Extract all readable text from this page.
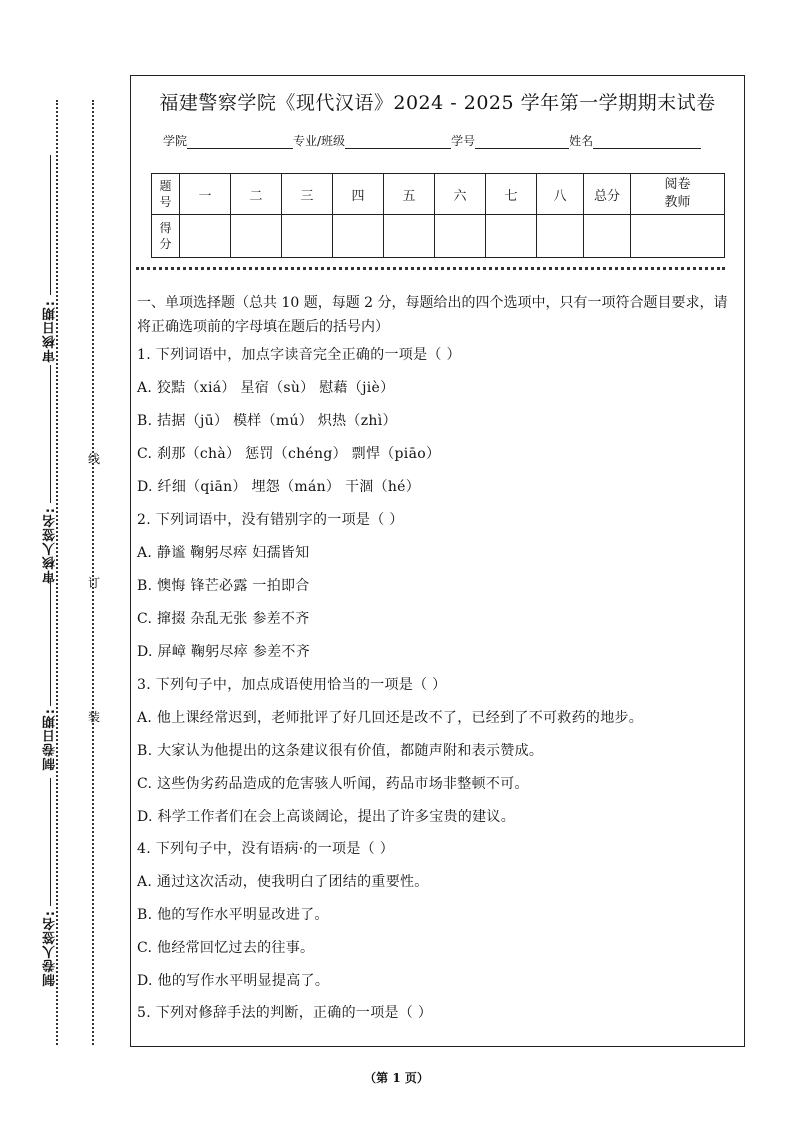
审核日期:
审核人签名:
制卷日期:
制卷人签名:
线
订
装
福建警察学院《现代汉语》2024 - 2025 学年第一学期期末试卷
学院	专业/班级	学号	姓名
题号	一	二	三	四	五	六	七	八	总分	阅卷教师
得分										
一、单项选择题（总共 10 题，每题 2 分，每题给出的四个选项中，只有一项符合题目要求，请将正确选项前的字母填在题后的括号内）
1. 下列词语中，加点字读音完全正确的一项是（ ）
A. 狡黠（xiá） 星宿（sù） 慰藉（jiè）
B. 拮据（jū） 模样（mú） 炽热（zhì）
C. 刹那（chà） 惩罚（chéng） 剽悍（piāo）
D. 纤细（qiān） 埋怨（mán） 干涸（hé）
2. 下列词语中，没有错别字的一项是（ ）
A. 静谧 鞠躬尽瘁 妇孺皆知
B. 懊悔 锋芒必露 一拍即合
C. 撺掇 杂乱无张 参差不齐
D. 屏嶂 鞠躬尽瘁 参差不齐
3. 下列句子中，加点成语使用恰当的一项是（ ）
A. 他上课经常迟到，老师批评了好几回还是改不了，已经到了不可救药的地步。
B. 大家认为他提出的这条建议很有价值，都随声附和表示赞成。
C. 这些伪劣药品造成的危害骇人听闻，药品市场非整顿不可。
D. 科学工作者们在会上高谈阔论，提出了许多宝贵的建议。
4. 下列句子中，没有语病·的一项是（ ）
A. 通过这次活动，使我明白了团结的重要性。
B. 他的写作水平明显改进了。
C. 他经常回忆过去的往事。
D. 他的写作水平明显提高了。
5. 下列对修辞手法的判断，正确的一项是（ ）
（第 1 页）
